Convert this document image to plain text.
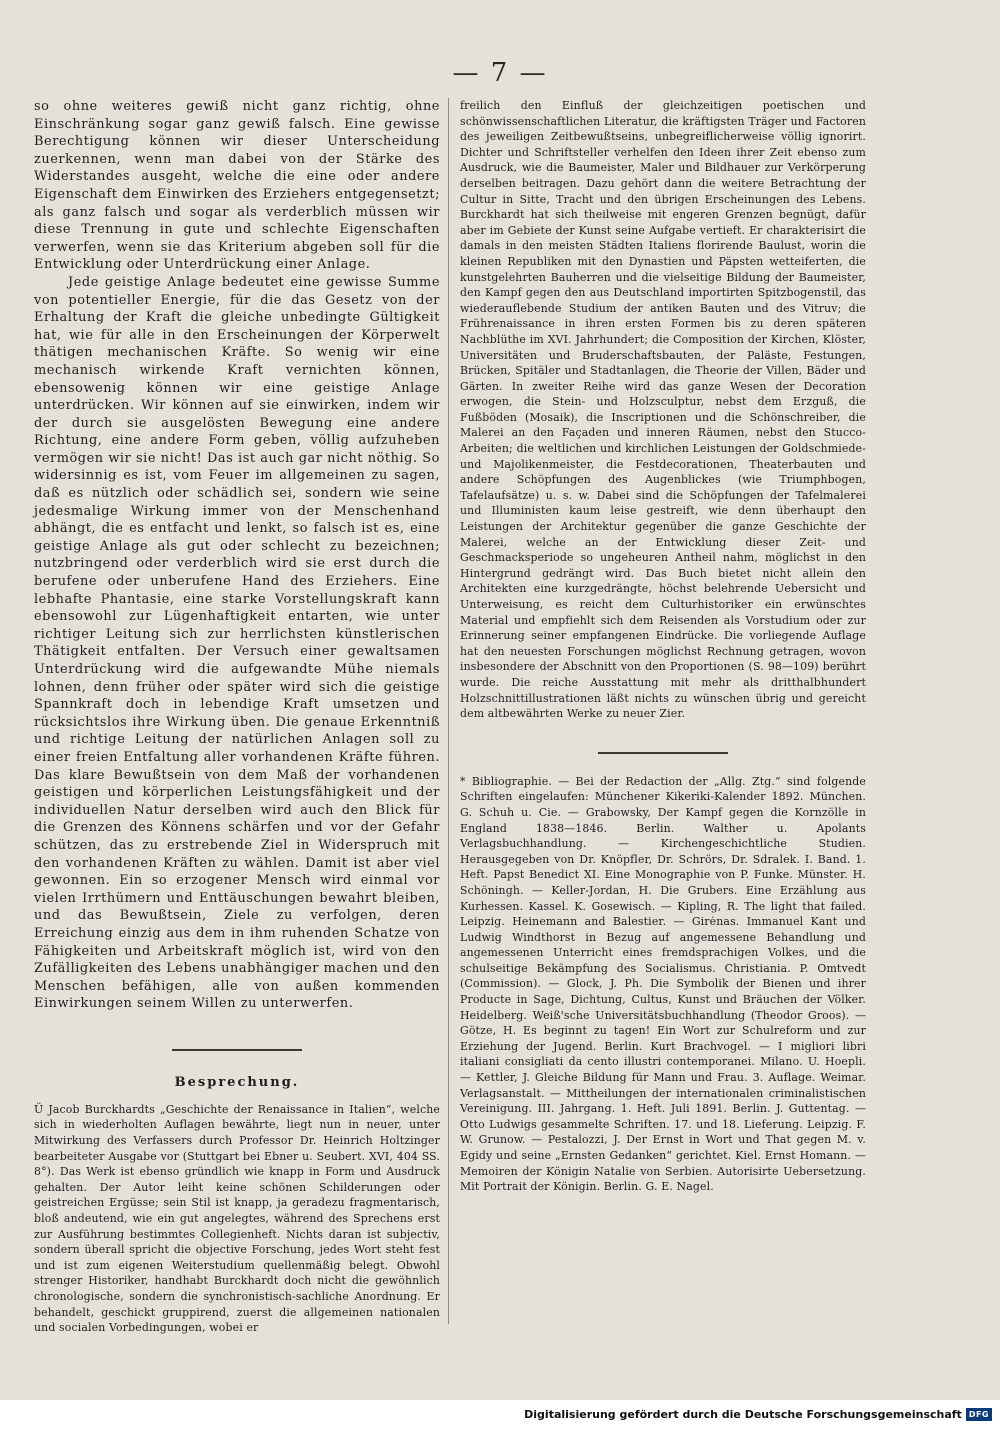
— 7 —

so ohne weiteres gewiß nicht ganz richtig, ohne Einschränkung sogar ganz gewiß falsch. Eine gewisse Berechtigung können wir dieser Unterscheidung zuerkennen, wenn man dabei von der Stärke des Widerstandes ausgeht, welche die eine oder andere Eigenschaft dem Einwirken des Erziehers entgegensetzt; als ganz falsch und sogar als verderblich müssen wir diese Trennung in gute und schlechte Eigenschaften verwerfen, wenn sie das Kriterium abgeben soll für die Entwicklung oder Unterdrückung einer Anlage.

Jede geistige Anlage bedeutet eine gewisse Summe von potentieller Energie, für die das Gesetz von der Erhaltung der Kraft die gleiche unbedingte Gültigkeit hat, wie für alle in den Erscheinungen der Körperwelt thätigen mechanischen Kräfte. So wenig wir eine mechanisch wirkende Kraft vernichten können, ebensowenig können wir eine geistige Anlage unterdrücken. Wir können auf sie einwirken, indem wir der durch sie ausgelösten Bewegung eine andere Richtung, eine andere Form geben, völlig aufzuheben vermögen wir sie nicht! Das ist auch gar nicht nöthig. So widersinnig es ist, vom Feuer im allgemeinen zu sagen, daß es nützlich oder schädlich sei, sondern wie seine jedesmalige Wirkung immer von der Menschenhand abhängt, die es entfacht und lenkt, so falsch ist es, eine geistige Anlage als gut oder schlecht zu bezeichnen; nutzbringend oder verderblich wird sie erst durch die berufene oder unberufene Hand des Erziehers. Eine lebhafte Phantasie, eine starke Vorstellungskraft kann ebensowohl zur Lügenhaftigkeit entarten, wie unter richtiger Leitung sich zur herrlichsten künstlerischen Thätigkeit entfalten. Der Versuch einer gewaltsamen Unterdrückung wird die aufgewandte Mühe niemals lohnen, denn früher oder später wird sich die geistige Spannkraft doch in lebendige Kraft umsetzen und rücksichtslos ihre Wirkung üben. Die genaue Erkenntniß und richtige Leitung der natürlichen Anlagen soll zu einer freien Entfaltung aller vorhandenen Kräfte führen. Das klare Bewußtsein von dem Maß der vorhandenen geistigen und körperlichen Leistungsfähigkeit und der individuellen Natur derselben wird auch den Blick für die Grenzen des Könnens schärfen und vor der Gefahr schützen, das zu erstrebende Ziel in Widerspruch mit den vorhandenen Kräften zu wählen. Damit ist aber viel gewonnen. Ein so erzogener Mensch wird einmal vor vielen Irrthümern und Enttäuschungen bewahrt bleiben, und das Bewußtsein, Ziele zu verfolgen, deren Erreichung einzig aus dem in ihm ruhenden Schatze von Fähigkeiten und Arbeitskraft möglich ist, wird von den Zufälligkeiten des Lebens unabhängiger machen und den Menschen befähigen, alle von außen kommenden Einwirkungen seinem Willen zu unterwerfen.

Besprechung.

Ü Jacob Burckhardts „Geschichte der Renaissance in Italien“, welche sich in wiederholten Auflagen bewährte, liegt nun in neuer, unter Mitwirkung des Verfassers durch Professor Dr. Heinrich Holtzinger bearbeiteter Ausgabe vor (Stuttgart bei Ebner u. Seubert. XVI, 404 SS. 8°). Das Werk ist ebenso gründlich wie knapp in Form und Ausdruck gehalten. Der Autor leiht keine schönen Schilderungen oder geistreichen Ergüsse; sein Stil ist knapp, ja geradezu fragmentarisch, bloß andeutend, wie ein gut angelegtes, während des Sprechens erst zur Ausführung bestimmtes Collegienheft. Nichts daran ist subjectiv, sondern überall spricht die objective Forschung, jedes Wort steht fest und ist zum eigenen Weiterstudium quellenmäßig belegt. Obwohl strenger Historiker, handhabt Burckhardt doch nicht die gewöhnlich chronologische, sondern die synchronistisch-sachliche Anordnung. Er behandelt, geschickt gruppirend, zuerst die allgemeinen nationalen und socialen Vorbedingungen, wobei er

freilich den Einfluß der gleichzeitigen poetischen und schönwissenschaftlichen Literatur, die kräftigsten Träger und Factoren des jeweiligen Zeitbewußtseins, unbegreiflicherweise völlig ignorirt. Dichter und Schriftsteller verhelfen den Ideen ihrer Zeit ebenso zum Ausdruck, wie die Baumeister, Maler und Bildhauer zur Verkörperung derselben beitragen. Dazu gehört dann die weitere Betrachtung der Cultur in Sitte, Tracht und den übrigen Erscheinungen des Lebens. Burckhardt hat sich theilweise mit engeren Grenzen begnügt, dafür aber im Gebiete der Kunst seine Aufgabe vertieft. Er charakterisirt die damals in den meisten Städten Italiens florirende Baulust, worin die kleinen Republiken mit den Dynastien und Päpsten wetteiferten, die kunstgelehrten Bauherren und die vielseitige Bildung der Baumeister, den Kampf gegen den aus Deutschland importirten Spitzbogenstil, das wiederauflebende Studium der antiken Bauten und des Vitruv; die Frührenaissance in ihren ersten Formen bis zu deren späteren Nachblüthe im XVI. Jahrhundert; die Composition der Kirchen, Klöster, Universitäten und Bruderschaftsbauten, der Paläste, Festungen, Brücken, Spitäler und Stadtanlagen, die Theorie der Villen, Bäder und Gärten. In zweiter Reihe wird das ganze Wesen der Decoration erwogen, die Stein- und Holzsculptur, nebst dem Erzguß, die Fußböden (Mosaik), die Inscriptionen und die Schönschreiber, die Malerei an den Façaden und inneren Räumen, nebst den Stucco-Arbeiten; die weltlichen und kirchlichen Leistungen der Goldschmiede- und Majolikenmeister, die Festdecorationen, Theaterbauten und andere Schöpfungen des Augenblickes (wie Triumphbogen, Tafelaufsätze) u. s. w. Dabei sind die Schöpfungen der Tafelmalerei und Illuministen kaum leise gestreift, wie denn überhaupt den Leistungen der Architektur gegenüber die ganze Geschichte der Malerei, welche an der Entwicklung dieser Zeit- und Geschmacksperiode so ungeheuren Antheil nahm, möglichst in den Hintergrund gedrängt wird. Das Buch bietet nicht allein den Architekten eine kurzgedrängte, höchst belehrende Uebersicht und Unterweisung, es reicht dem Culturhistoriker ein erwünschtes Material und empfiehlt sich dem Reisenden als Vorstudium oder zur Erinnerung seiner empfangenen Eindrücke. Die vorliegende Auflage hat den neuesten Forschungen möglichst Rechnung getragen, wovon insbesondere der Abschnitt von den Proportionen (S. 98—109) berührt wurde. Die reiche Ausstattung mit mehr als dritthalbhundert Holzschnittillustrationen läßt nichts zu wünschen übrig und gereicht dem altbewährten Werke zu neuer Zier.

* Bibliographie. — Bei der Redaction der „Allg. Ztg.“ sind folgende Schriften eingelaufen: Münchener Kikeriki-Kalender 1892. München. G. Schuh u. Cie. — Grabowsky, Der Kampf gegen die Kornzölle in England 1838—1846. Berlin. Walther u. Apolants Verlagsbuchhandlung. — Kirchengeschichtliche Studien. Herausgegeben von Dr. Knöpfler, Dr. Schrörs, Dr. Sdralek. I. Band. 1. Heft. Papst Benedict XI. Eine Monographie von P. Funke. Münster. H. Schöningh. — Keller-Jordan, H. Die Grubers. Eine Erzählung aus Kurhessen. Kassel. K. Gosewisch. — Kipling, R. The light that failed. Leipzig. Heinemann and Balestier. — Girėnas. Immanuel Kant und Ludwig Windthorst in Bezug auf angemessene Behandlung und angemessenen Unterricht eines fremdsprachigen Volkes, und die schulseitige Bekämpfung des Socialismus. Christiania. P. Omtvedt (Commission). — Glock, J. Ph. Die Symbolik der Bienen und ihrer Producte in Sage, Dichtung, Cultus, Kunst und Bräuchen der Völker. Heidelberg. Weiß'sche Universitätsbuchhandlung (Theodor Groos). — Götze, H. Es beginnt zu tagen! Ein Wort zur Schulreform und zur Erziehung der Jugend. Berlin. Kurt Brachvogel. — I migliori libri italiani consigliati da cento illustri contemporanei. Milano. U. Hoepli. — Kettler, J. Gleiche Bildung für Mann und Frau. 3. Auflage. Weimar. Verlagsanstalt. — Mittheilungen der internationalen criminalistischen Vereinigung. III. Jahrgang. 1. Heft. Juli 1891. Berlin. J. Guttentag. — Otto Ludwigs gesammelte Schriften. 17. und 18. Lieferung. Leipzig. F. W. Grunow. — Pestalozzi, J. Der Ernst in Wort und That gegen M. v. Egidy und seine „Ernsten Gedanken“ gerichtet. Kiel. Ernst Homann. — Memoiren der Königin Natalie von Serbien. Autorisirte Uebersetzung. Mit Portrait der Königin. Berlin. G. E. Nagel.

Digitalisierung gefördert durch die Deutsche Forschungsgemeinschaft DFG
